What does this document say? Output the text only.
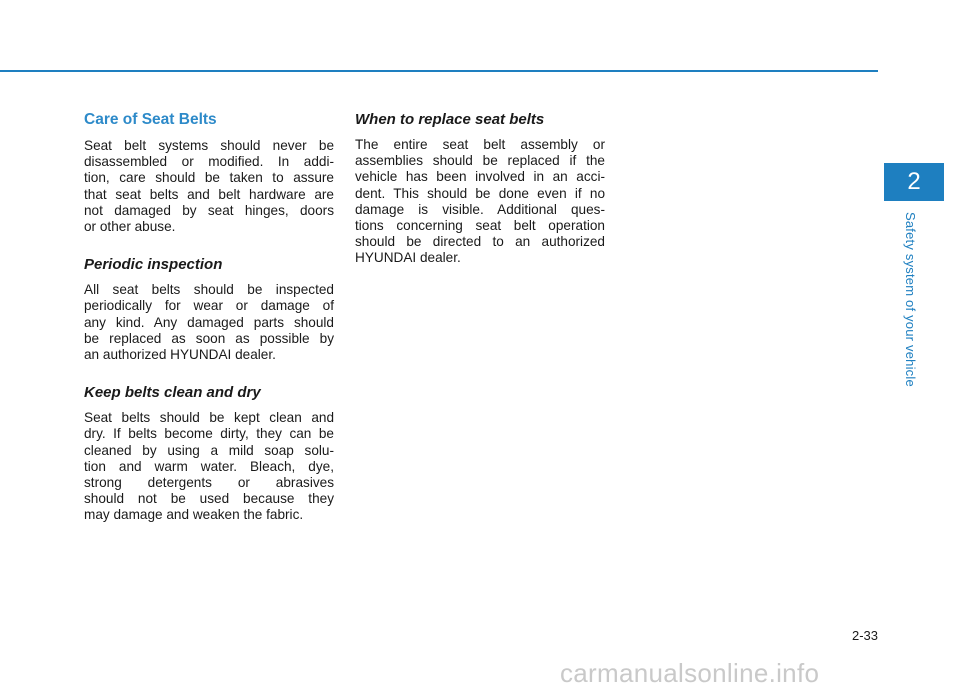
Care of Seat Belts

Seat belt systems should never be
disassembled or modified. In addi-
tion, care should be taken to assure
that seat belts and belt hardware are
not damaged by seat hinges, doors
or other abuse.

Periodic inspection

All seat belts should be inspected
periodically for wear or damage of
any kind. Any damaged parts should
be replaced as soon as possible by
an authorized HYUNDAI dealer.

Keep belts clean and dry

Seat belts should be kept clean and
dry. If belts become dirty, they can be
cleaned by using a mild soap solu-
tion and warm water. Bleach, dye,
strong detergents or abrasives
should not be used because they
may damage and weaken the fabric.

When to replace seat belts

The entire seat belt assembly or
assemblies should be replaced if the
vehicle has been involved in an acci-
dent. This should be done even if no
damage is visible. Additional ques-
tions concerning seat belt operation
should be directed to an authorized
HYUNDAI dealer.

2
Safety system of your vehicle
2-33
carmanualsonline.info
